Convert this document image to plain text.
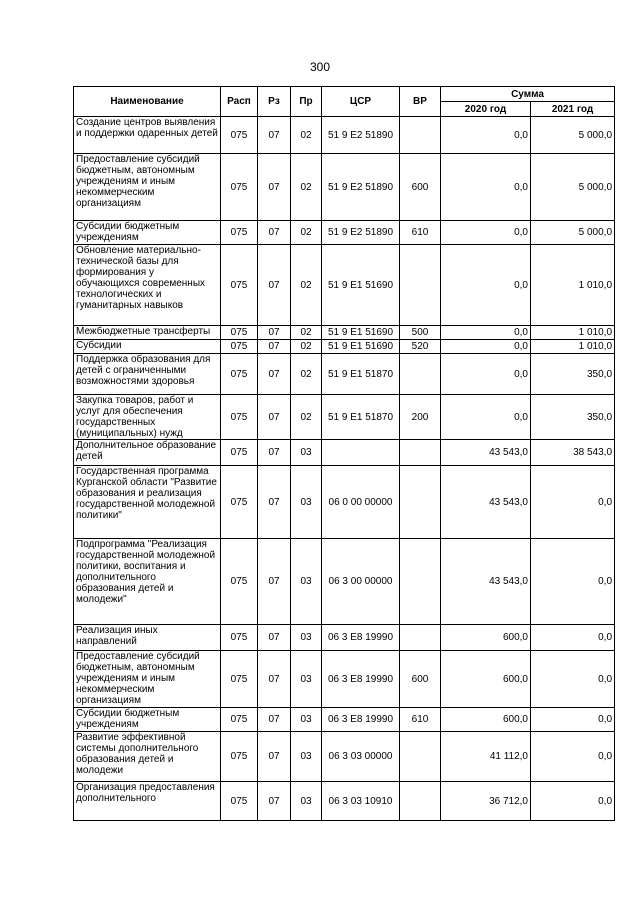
300
Наименование	Расп	Рз	Пр	ЦСР	ВР	Сумма	
						2020 год	2021 год
Создание центров выявления и поддержки одаренных детей	075	07	02	51 9 E2 51890		0,0	5 000,0
Предоставление субсидий бюджетным, автономным учреждениям и иным некоммерческим организациям	075	07	02	51 9 E2 51890	600	0,0	5 000,0
Субсидии бюджетным учреждениям	075	07	02	51 9 E2 51890	610	0,0	5 000,0
Обновление материально-технической базы для формирования у обучающихся современных технологических и гуманитарных навыков	075	07	02	51 9 E1 51690		0,0	1 010,0
Межбюджетные трансферты	075	07	02	51 9 E1 51690	500	0,0	1 010,0
Субсидии	075	07	02	51 9 E1 51690	520	0,0	1 010,0
Поддержка образования для детей с ограниченными возможностями здоровья	075	07	02	51 9 E1 51870		0,0	350,0
Закупка товаров, работ и услуг для обеспечения государственных (муниципальных) нужд	075	07	02	51 9 E1 51870	200	0,0	350,0
Дополнительное образование детей	075	07	03			43 543,0	38 543,0
Государственная программа Курганской области "Развитие образования и реализация государственной молодежной политики"	075	07	03	06 0 00 00000		43 543,0	0,0
Подпрограмма "Реализация государственной молодежной политики, воспитания и дополнительного образования детей и молодежи"	075	07	03	06 3 00 00000		43 543,0	0,0
Реализация иных направлений	075	07	03	06 3 E8 19990		600,0	0,0
Предоставление субсидий бюджетным, автономным учреждениям и иным некоммерческим организациям	075	07	03	06 3 E8 19990	600	600,0	0,0
Субсидии бюджетным учреждениям	075	07	03	06 3 E8 19990	610	600,0	0,0
Развитие эффективной системы дополнительного образования детей и молодежи	075	07	03	06 3 03 00000		41 112,0	0,0
Организация предоставления дополнительного	075	07	03	06 3 03 10910		36 712,0	0,0
